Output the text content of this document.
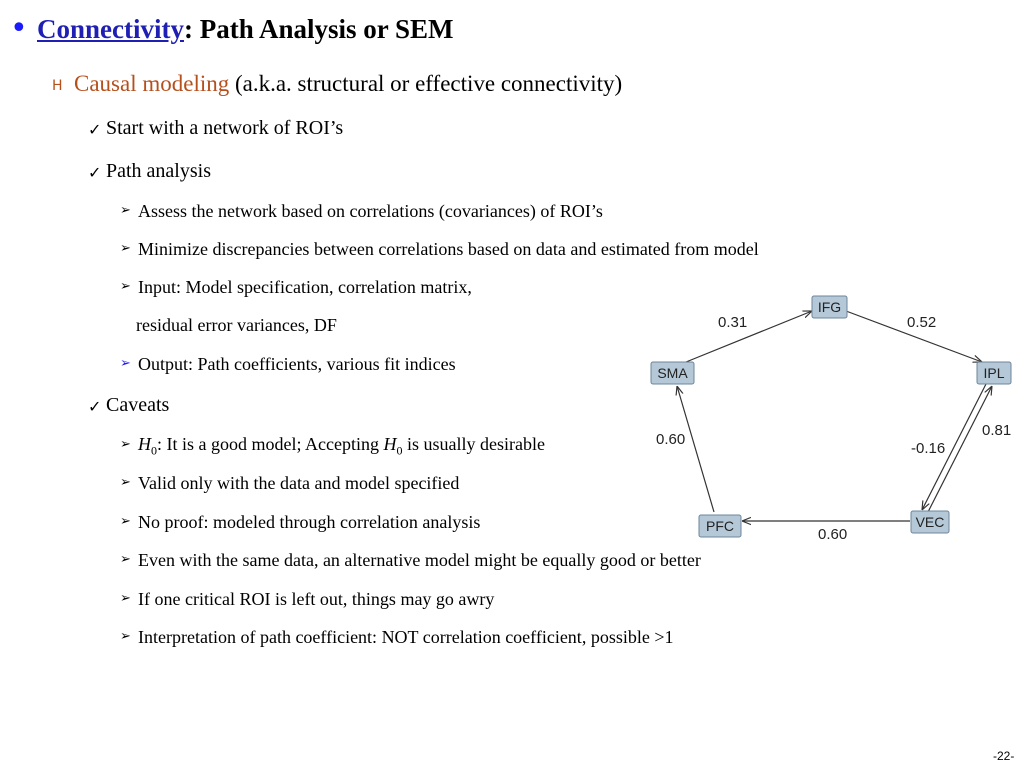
• Connectivity: Path Analysis or SEM
H Causal modeling (a.k.a. structural or effective connectivity)
✓ Start with a network of ROI’s
✓ Path analysis
➢ Assess the network based on correlations (covariances) of ROI’s
➢ Minimize discrepancies between correlations based on data and estimated from model
➢ Input: Model specification, correlation matrix,
residual error variances, DF
➢ Output: Path coefficients, various fit indices
✓ Caveats
➢ $H_0$: It is a good model; Accepting $H_0$ is usually desirable
➢ Valid only with the data and model specified
➢ No proof: modeled through correlation analysis
➢ Even with the same data, an alternative model might be equally good or better
➢ If one critical ROI is left out, things may go awry
➢ Interpretation of path coefficient: NOT correlation coefficient, possible >1
IFG
IPL
VEC
PFC
SMA
0.52
0.81
-0.16
0.60
0.60
0.31
-22-
